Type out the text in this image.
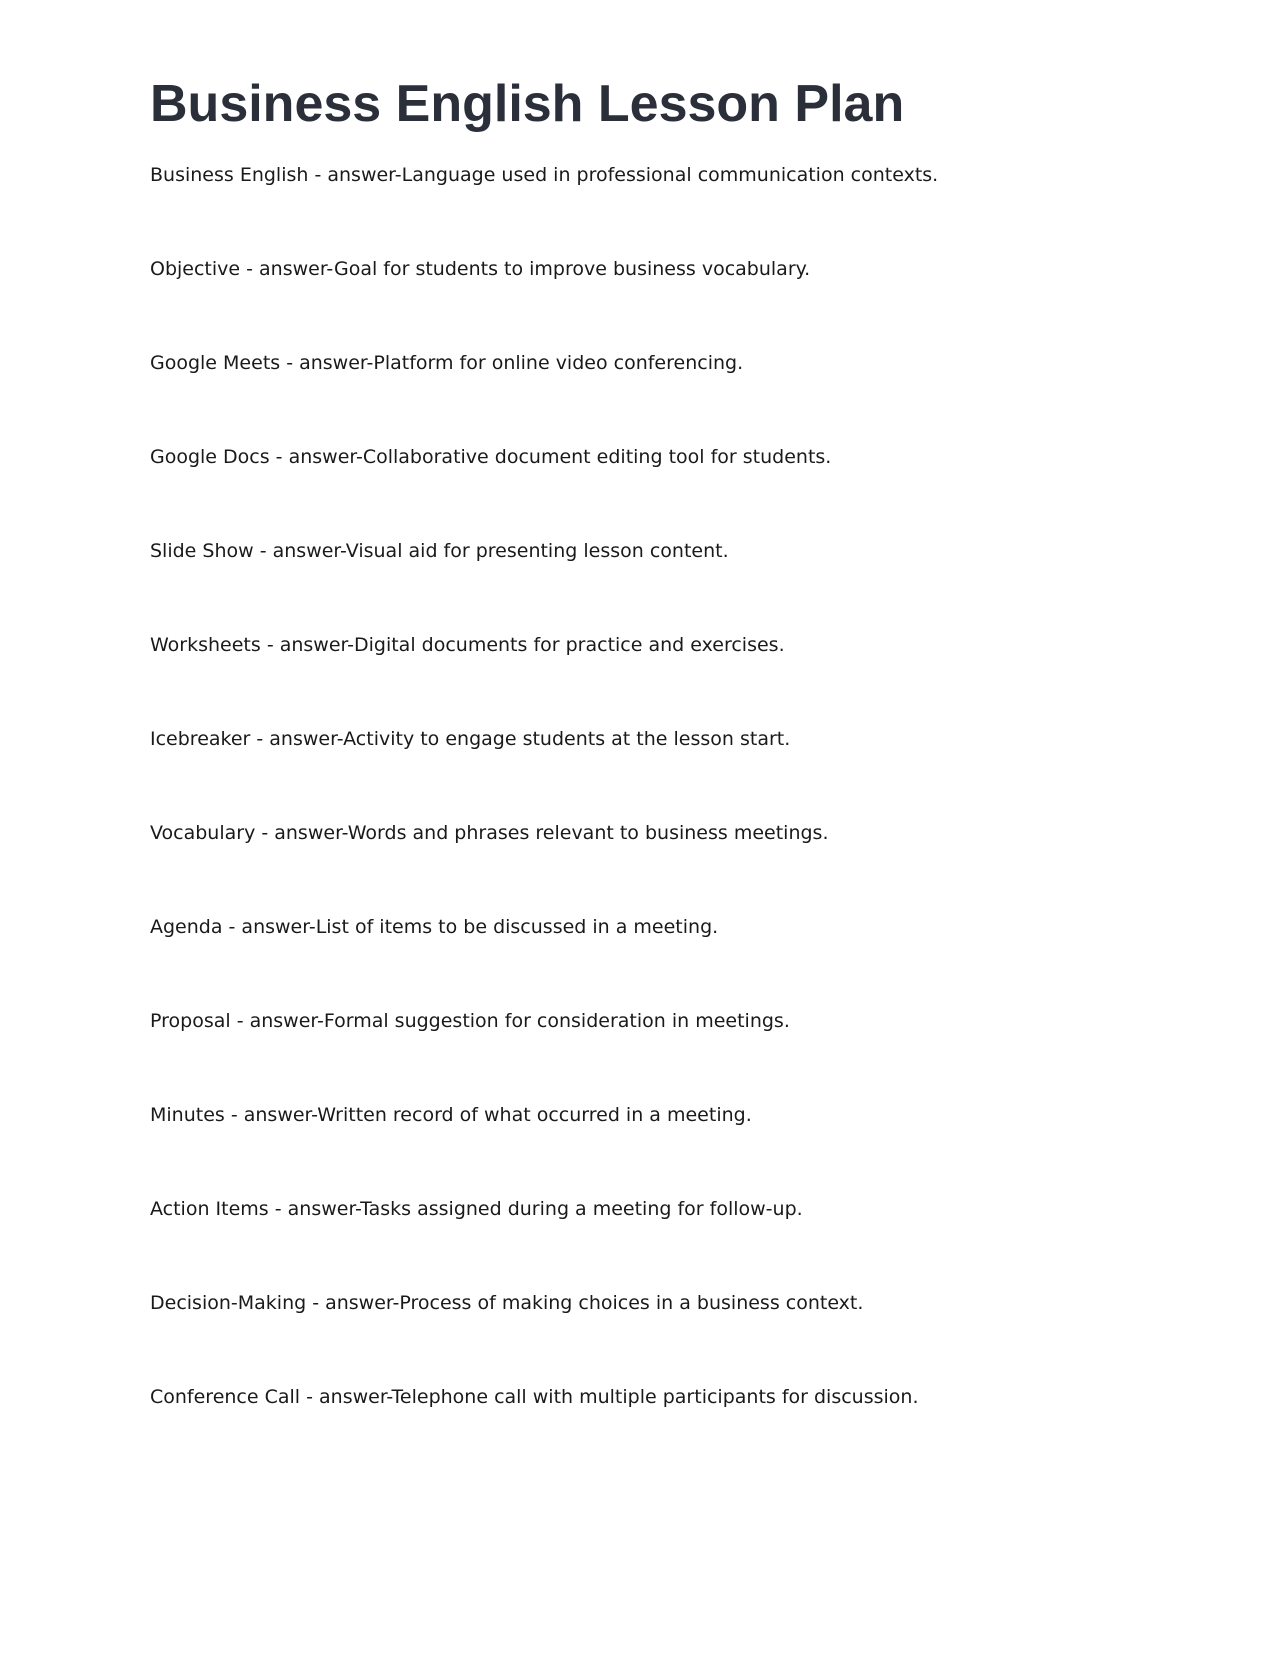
Business English Lesson Plan
Business English - answer-Language used in professional communication contexts.
Objective - answer-Goal for students to improve business vocabulary.
Google Meets - answer-Platform for online video conferencing.
Google Docs - answer-Collaborative document editing tool for students.
Slide Show - answer-Visual aid for presenting lesson content.
Worksheets - answer-Digital documents for practice and exercises.
Icebreaker - answer-Activity to engage students at the lesson start.
Vocabulary - answer-Words and phrases relevant to business meetings.
Agenda - answer-List of items to be discussed in a meeting.
Proposal - answer-Formal suggestion for consideration in meetings.
Minutes - answer-Written record of what occurred in a meeting.
Action Items - answer-Tasks assigned during a meeting for follow-up.
Decision-Making - answer-Process of making choices in a business context.
Conference Call - answer-Telephone call with multiple participants for discussion.
